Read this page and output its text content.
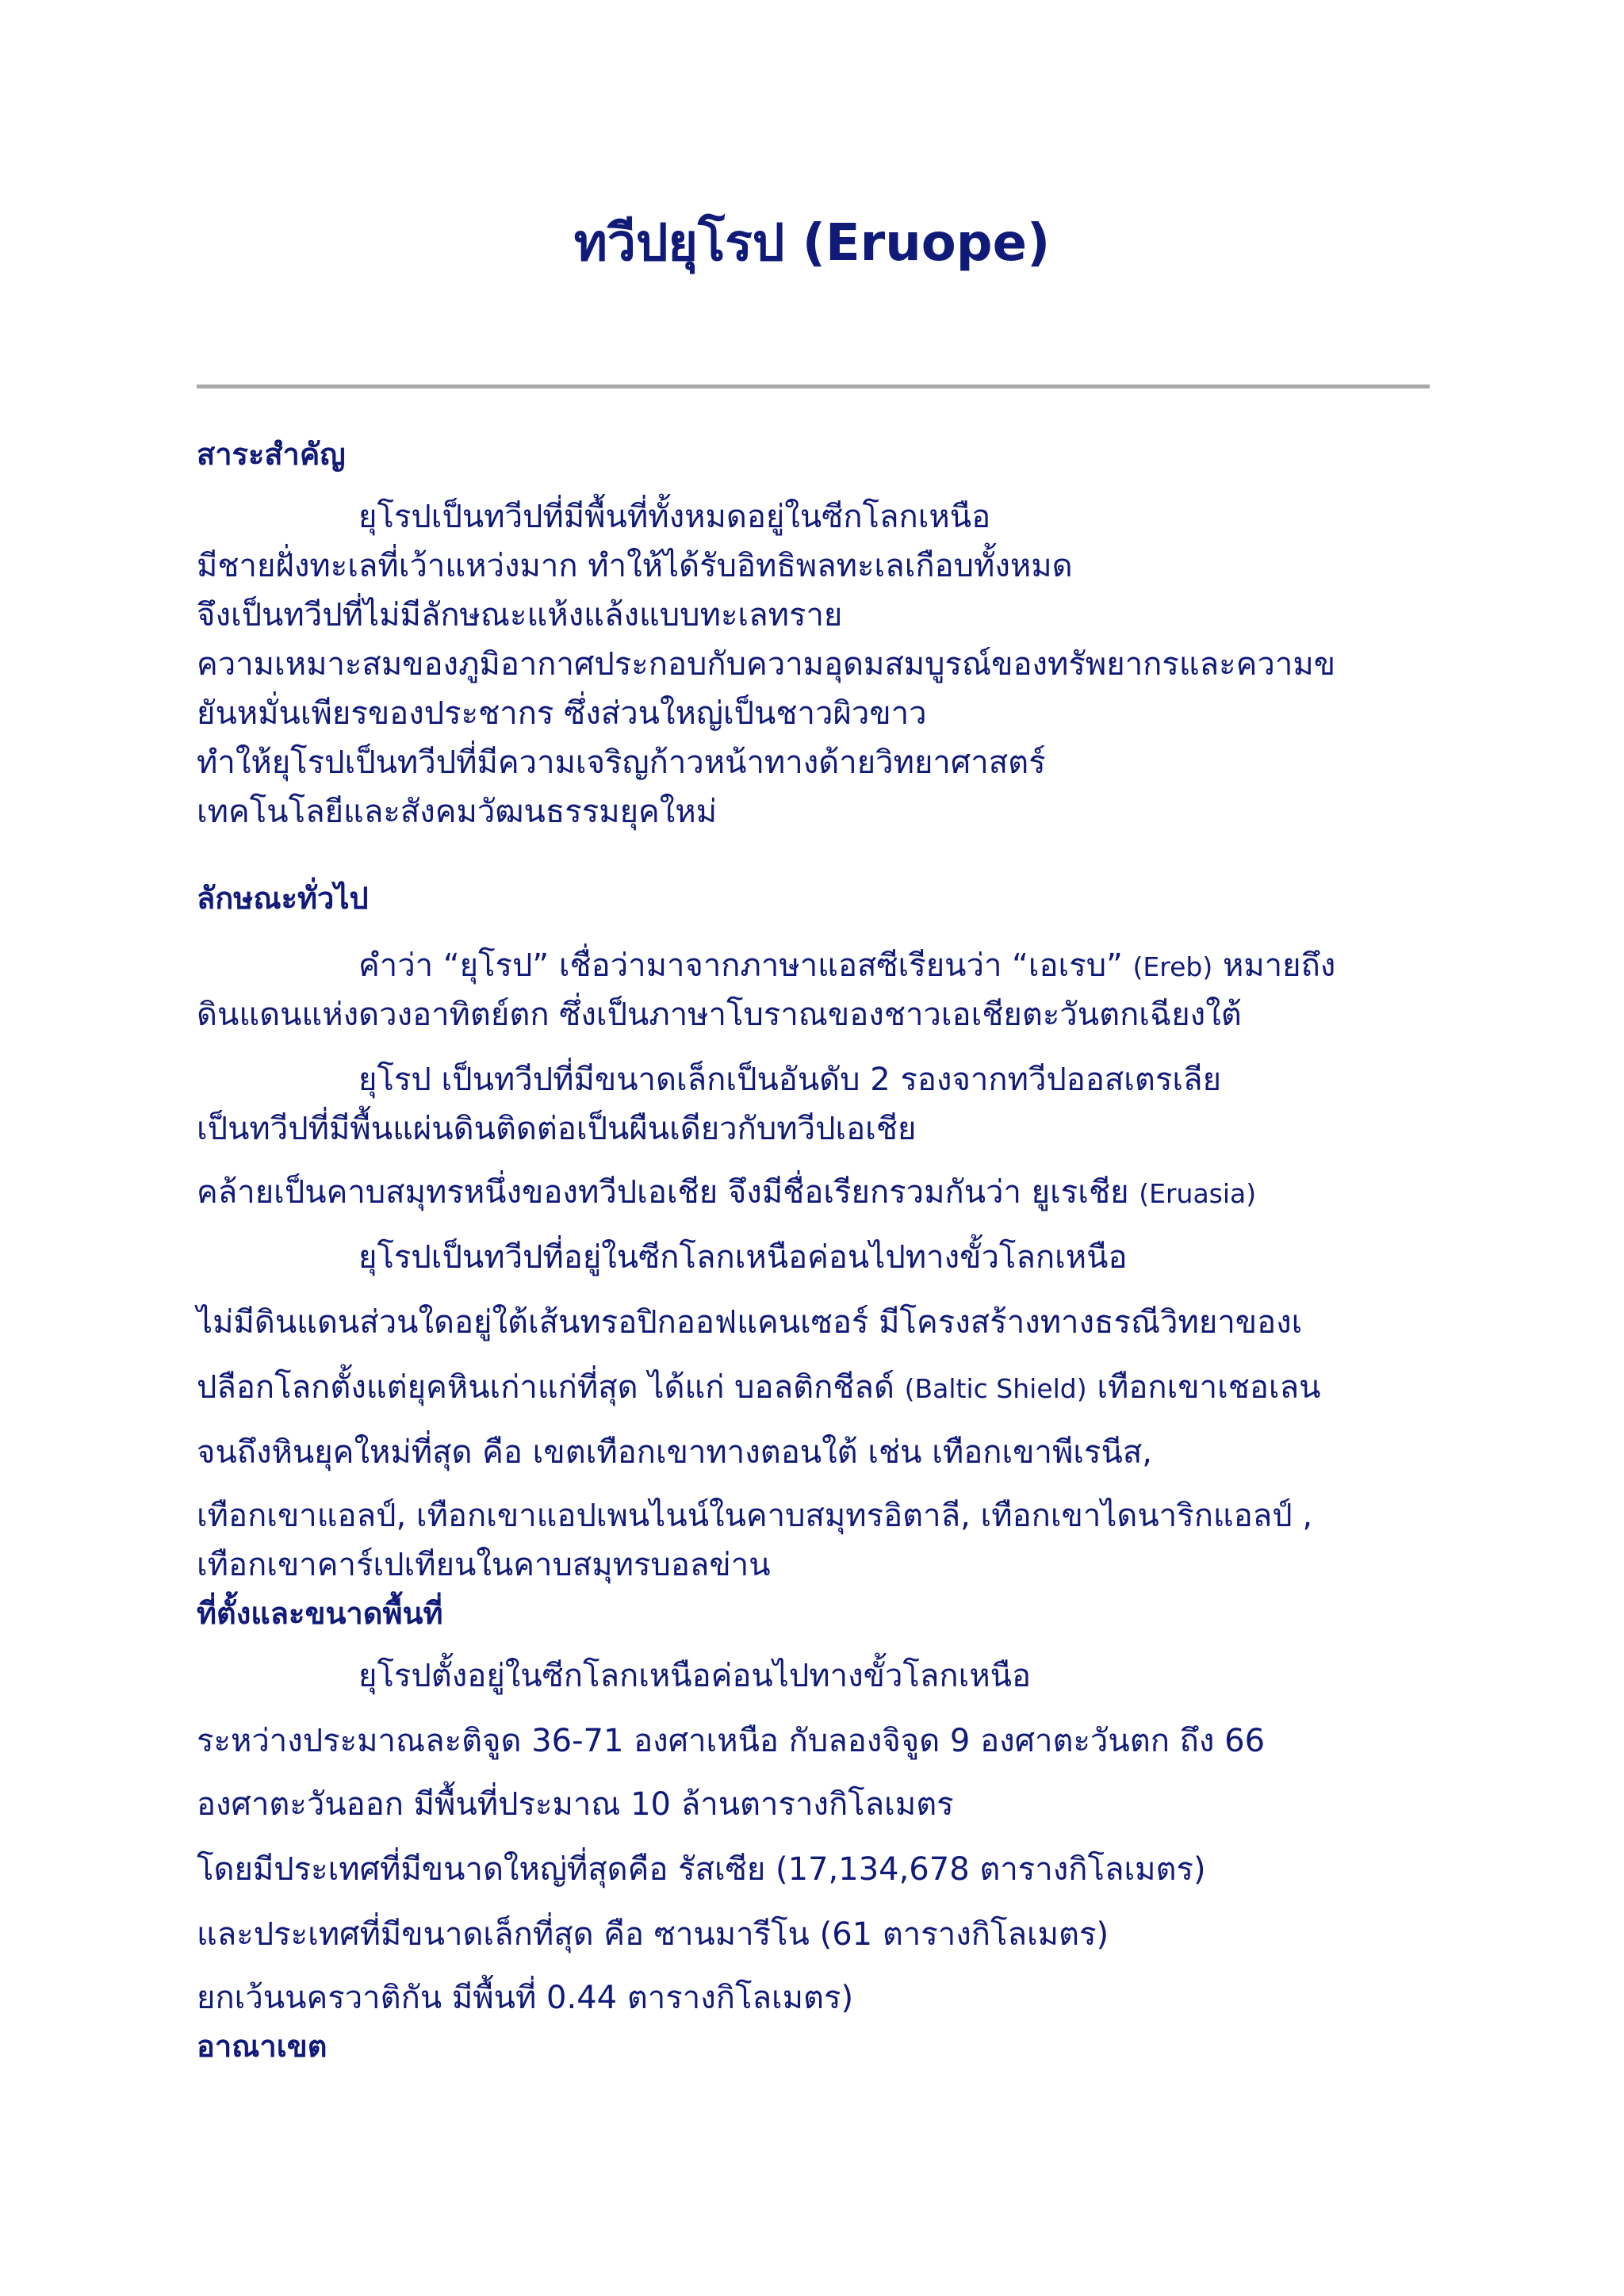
ทวีปยุโรป (Eruope)
สาระสำคัญ

ยุโรปเป็นทวีปที่มีพื้นที่ทั้งหมดอยู่ในซีกโลกเหนือ

มีชายฝั่งทะเลที่เว้าแหว่งมาก ทำให้ได้รับอิทธิพลทะเลเกือบทั้งหมด

จึงเป็นทวีปที่ไม่มีลักษณะแห้งแล้งแบบทะเลทราย

ความเหมาะสมของภูมิอากาศประกอบกับความอุดมสมบูรณ์ของทรัพยากรและความข

ยันหมั่นเพียรของประชากร ซึ่งส่วนใหญ่เป็นชาวผิวขาว

ทำให้ยุโรปเป็นทวีปที่มีความเจริญก้าวหน้าทางด้ายวิทยาศาสตร์

เทคโนโลยีและสังคมวัฒนธรรมยุคใหม่

ลักษณะทั่วไป

คำว่า “ยุโรป” เชื่อว่ามาจากภาษาแอสซีเรียนว่า “เอเรบ” (Ereb) หมายถึง

ดินแดนแห่งดวงอาทิตย์ตก ซึ่งเป็นภาษาโบราณของชาวเอเชียตะวันตกเฉียงใต้

ยุโรป เป็นทวีปที่มีขนาดเล็กเป็นอันดับ 2 รองจากทวีปออสเตรเลีย

เป็นทวีปที่มีพื้นแผ่นดินติดต่อเป็นผืนเดียวกับทวีปเอเชีย

คล้ายเป็นคาบสมุทรหนึ่งของทวีปเอเชีย จึงมีชื่อเรียกรวมกันว่า ยูเรเชีย (Eruasia)

ยุโรปเป็นทวีปที่อยู่ในซีกโลกเหนือค่อนไปทางขั้วโลกเหนือ

ไม่มีดินแดนส่วนใดอยู่ใต้เส้นทรอปิกออฟแคนเซอร์ มีโครงสร้างทางธรณีวิทยาของเ

ปลือกโลกตั้งแต่ยุคหินเก่าแก่ที่สุด ได้แก่ บอลติกชีลด์ (Baltic Shield) เทือกเขาเชอเลน

จนถึงหินยุคใหม่ที่สุด คือ เขตเทือกเขาทางตอนใต้ เช่น เทือกเขาพีเรนีส,

เทือกเขาแอลป์, เทือกเขาแอปเพนไนน์ในคาบสมุทรอิตาลี, เทือกเขาไดนาริกแอลป์ ,

เทือกเขาคาร์เปเทียนในคาบสมุทรบอลข่าน

ที่ตั้งและขนาดพื้นที่

ยุโรปตั้งอยู่ในซีกโลกเหนือค่อนไปทางขั้วโลกเหนือ

ระหว่างประมาณละติจูด 36-71 องศาเหนือ กับลองจิจูด 9 องศาตะวันตก ถึง 66

องศาตะวันออก มีพื้นที่ประมาณ 10 ล้านตารางกิโลเมตร

โดยมีประเทศที่มีขนาดใหญ่ที่สุดคือ รัสเซีย (17,134,678 ตารางกิโลเมตร)

และประเทศที่มีขนาดเล็กที่สุด คือ ซานมารีโน (61 ตารางกิโลเมตร)

ยกเว้นนครวาติกัน มีพื้นที่ 0.44 ตารางกิโลเมตร)

อาณาเขต
